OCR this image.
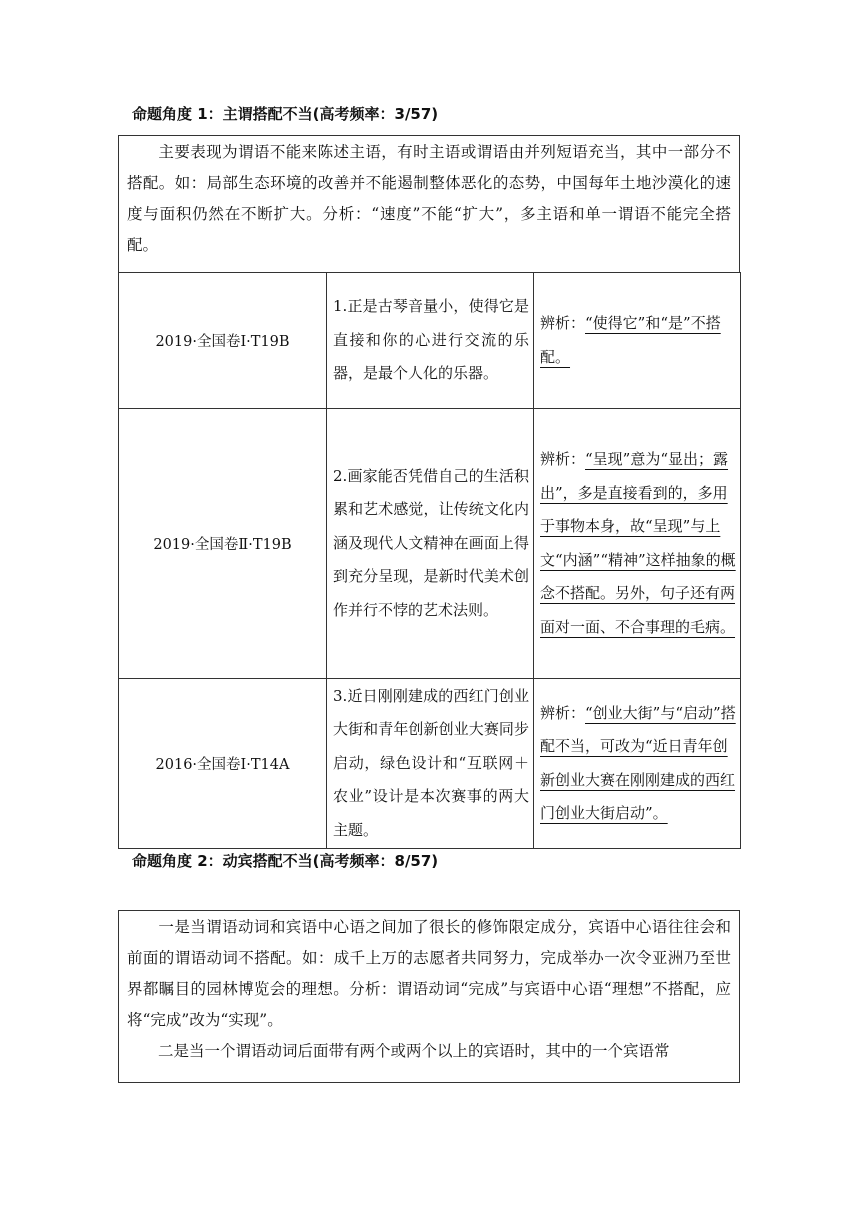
命题角度 1：主谓搭配不当(高考频率：3/57)

主要表现为谓语不能来陈述主语，有时主语或谓语由并列短语充当，其中一部分不搭配。如：局部生态环境的改善并不能遏制整体恶化的态势，中国每年土地沙漠化的速度与面积仍然在不断扩大。分析：“速度”不能“扩大”，多主语和单一谓语不能完全搭配。

2019·全国卷Ⅰ·T19B	1.正是古琴音量小，使得它是直接和你的心进行交流的乐器，是最个人化的乐器。	辨析：“使得它”和“是”不搭配。
2019·全国卷Ⅱ·T19B	2.画家能否凭借自己的生活积累和艺术感觉，让传统文化内涵及现代人文精神在画面上得到充分呈现，是新时代美术创作并行不悖的艺术法则。	辨析：“呈现”意为“显出；露出”，多是直接看到的，多用于事物本身，故“呈现”与上文“内涵”“精神”这样抽象的概念不搭配。另外，句子还有两面对一面、不合事理的毛病。
2016·全国卷Ⅰ·T14A	3.近日刚刚建成的西红门创业大街和青年创新创业大赛同步启动，绿色设计和“互联网＋农业”设计是本次赛事的两大主题。	辨析：“创业大街”与“启动”搭配不当，可改为“近日青年创新创业大赛在刚刚建成的西红门创业大街启动”。
命题角度 2：动宾搭配不当(高考频率：8/57)

一是当谓语动词和宾语中心语之间加了很长的修饰限定成分，宾语中心语往往会和前面的谓语动词不搭配。如：成千上万的志愿者共同努力，完成举办一次令亚洲乃至世界都瞩目的园林博览会的理想。分析：谓语动词“完成”与宾语中心语“理想”不搭配，应将“完成”改为“实现”。

二是当一个谓语动词后面带有两个或两个以上的宾语时，其中的一个宾语常
